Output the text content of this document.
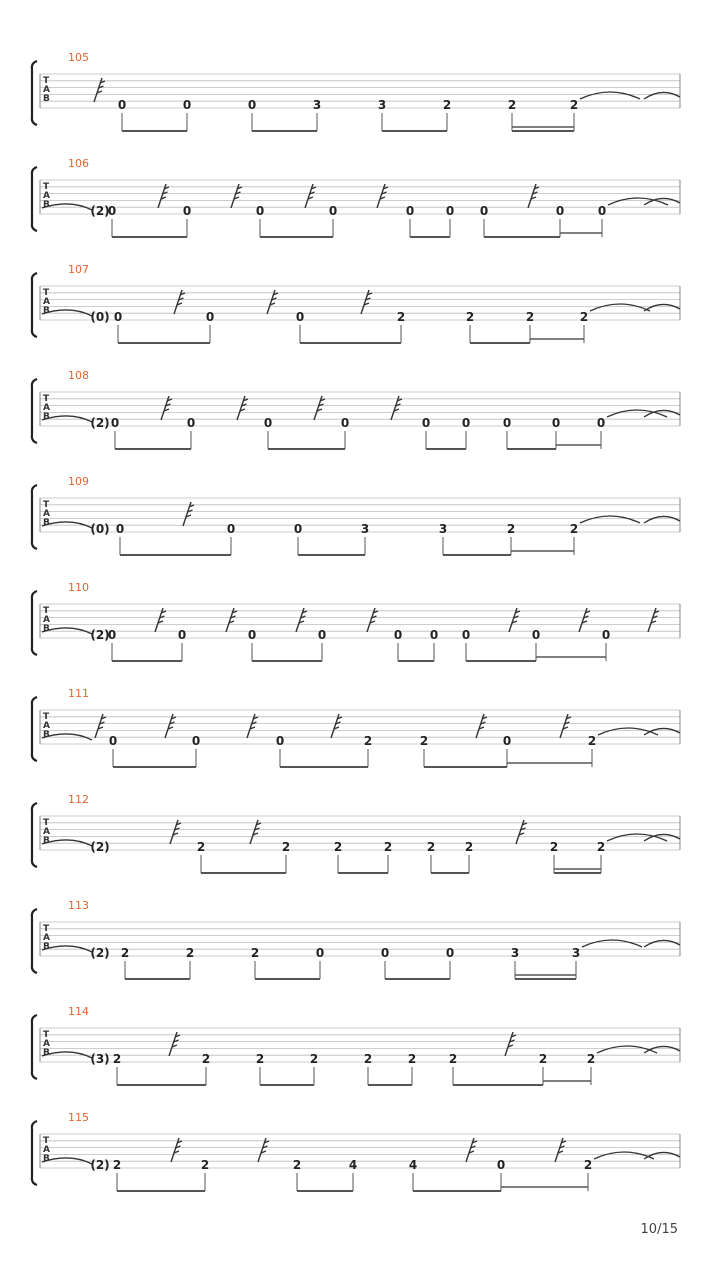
T
A
B
105
0	0	0	3	3	2	2	2
T
A
B
106
(2)
0	0	0	0	0	0 0	0	0
T
A
B
107
(0) 0	0	0	2	2	2	2
T
A
B
108
(2) 0	0	0	0	0	0	0	0	0
T
A
B
109
(0) 0	0	0	3	3	2	2
T
A
B
110
(2)
0	0	0	0	0 0 0	0	0
T
A
B
111
0	0	0	2	2	0	2
T
A
B
112
(2)	2	2	2	2	2 2	2	2
T
A
B
113
(2) 2	2	2	0	0	0	3	3
T
A
B
114
(3) 2	2	2	2	2	2	2	2	2
T
A
B
115
(2) 2	2	2	4	4	0	2
10/15
